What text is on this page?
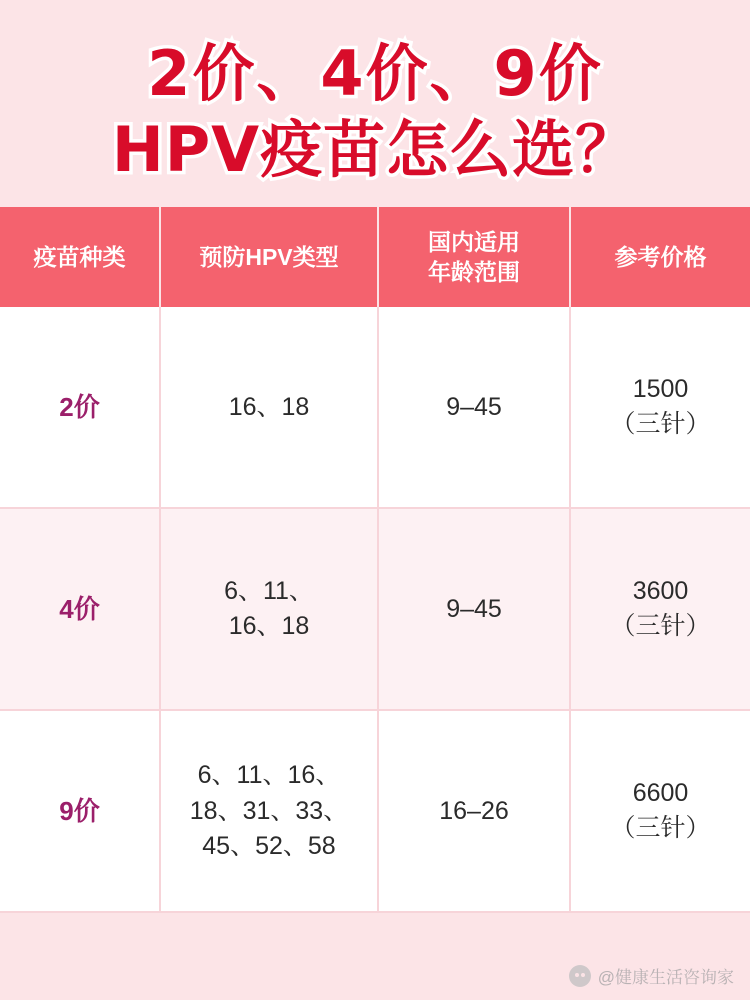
2价、4价、9价
HPV疫苗怎么选？
疫苗种类	预防HPV类型	国内适用
年龄范围	参考价格
2价	16、18	9–45	1500
（三针）

4价	6、11、
16、18	9–45	3600
（三针）

9价	6、11、16、
18、31、33、
45、52、58	16–26	6600
（三针）
@健康生活咨询家
